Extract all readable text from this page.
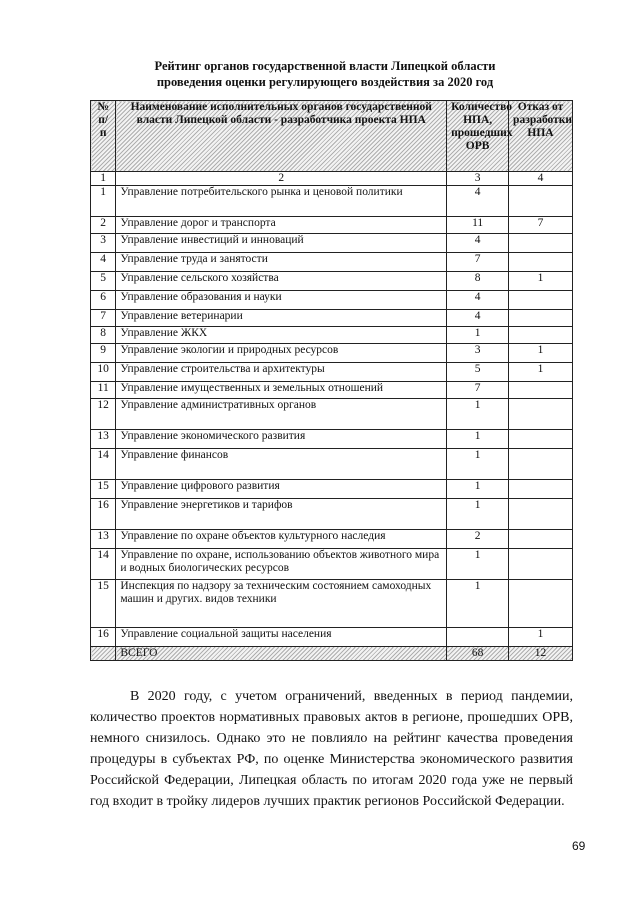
Рейтинг органов государственной власти Липецкой области
проведения оценки регулирующего воздействия за 2020 год
№ п/п	Наименование исполнительных органов государственной власти Липецкой области - разработчика проекта НПА	Количество НПА, прошедших ОРВ	Отказ от разработки НПА
1	2	3	4
1	Управление потребительского рынка и ценовой политики	4	
2	Управление дорог и транспорта	11	7
3	Управление инвестиций и инноваций	4	
4	Управление труда и занятости	7	
5	Управление сельского хозяйства	8	1
6	Управление образования и науки	4	
7	Управление ветеринарии	4	
8	Управление ЖКХ	1	
9	Управление экологии и природных ресурсов	3	1
10	Управление строительства и архитектуры	5	1
11	Управление имущественных и земельных отношений	7	
12	Управление административных органов	1	
13	Управление экономического развития	1	
14	Управление финансов	1	
15	Управление цифрового развития	1	
16	Управление энергетиков и тарифов	1	
13	Управление по охране объектов культурного наследия	2	
14	Управление по охране, использованию объектов животного мира и водных биологических ресурсов	1	
15	Инспекция по надзору за техническим состоянием самоходных машин и других. видов техники	1	
16	Управление социальной защиты населения		1
	ВСЕГО	68	12

В 2020 году, с учетом ограничений, введенных в период пандемии, количество проектов нормативных правовых актов в регионе, прошедших ОРВ, немного снизилось. Однако это не повлияло на рейтинг качества проведения процедуры в субъектах РФ, по оценке Министерства экономического развития Российской Федерации, Липецкая область по итогам 2020 года уже не первый год входит в тройку лидеров лучших практик регионов Российской Федерации.

69
